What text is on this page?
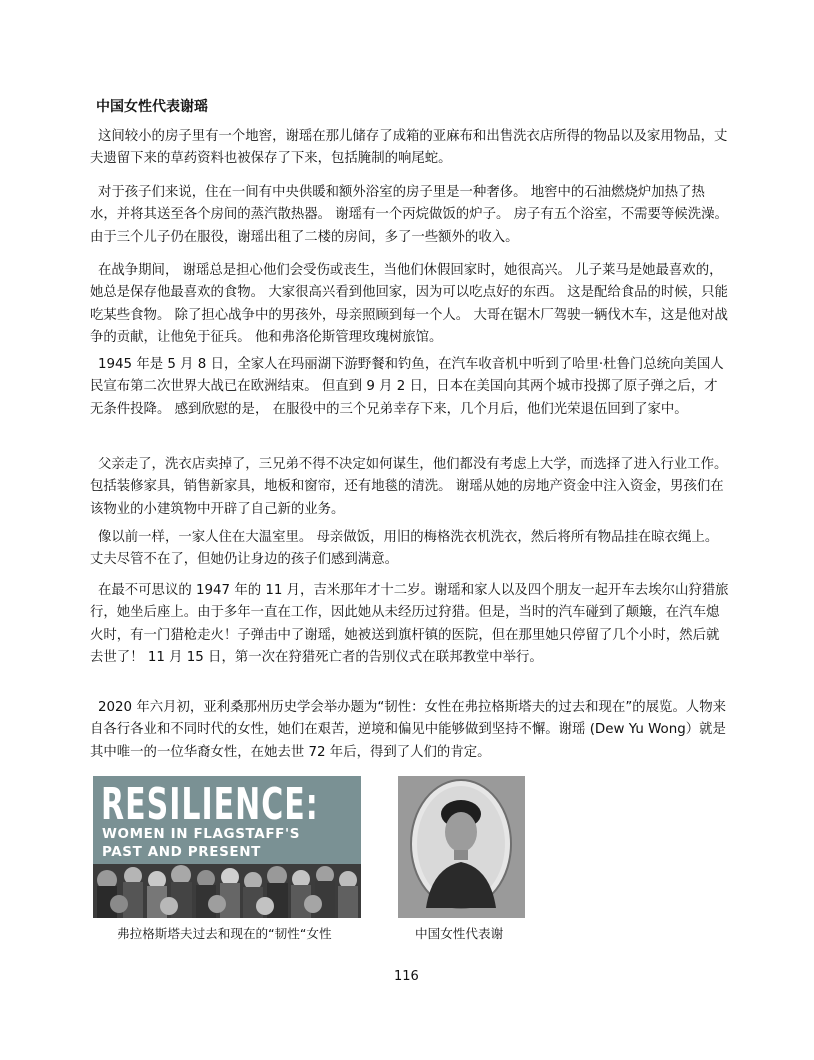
中国女性代表谢瑶

这间较小的房子里有一个地窖，谢瑶在那儿储存了成箱的亚麻布和出售洗衣店所得的物品以及家用物品，丈夫遗留下来的草药资料也被保存了下来，包括腌制的响尾蛇。

对于孩子们来说，住在一间有中央供暖和额外浴室的房子里是一种奢侈。 地窖中的石油燃烧炉加热了热水，并将其送至各个房间的蒸汽散热器。 谢瑶有一个丙烷做饭的炉子。 房子有五个浴室，不需要等候洗澡。 由于三个儿子仍在服役，谢瑶出租了二楼的房间，多了一些额外的收入。

在战争期间， 谢瑶总是担心他们会受伤或丧生，当他们休假回家时，她很高兴。 儿子莱马是她最喜欢的，她总是保存他最喜欢的食物。 大家很高兴看到他回家，因为可以吃点好的东西。 这是配给食品的时候，只能吃某些食物。 除了担心战争中的男孩外，母亲照顾到每一个人。 大哥在锯木厂驾驶一辆伐木车，这是他对战争的贡献，让他免于征兵。 他和弗洛伦斯管理玫瑰树旅馆。

1945 年是 5 月 8 日，全家人在玛丽湖下游野餐和钓鱼，在汽车收音机中听到了哈里·杜鲁门总统向美国人民宣布第二次世界大战已在欧洲结束。 但直到 9 月 2 日，日本在美国向其两个城市投掷了原子弹之后，才无条件投降。 感到欣慰的是， 在服役中的三个兄弟幸存下来，几个月后，他们光荣退伍回到了家中。

父亲走了，洗衣店卖掉了，三兄弟不得不决定如何谋生，他们都没有考虑上大学，而选择了进入行业工作。 包括装修家具，销售新家具，地板和窗帘，还有地毯的清洗。 谢瑶从她的房地产资金中注入资金，男孩们在该物业的小建筑物中开辟了自己新的业务。

像以前一样，一家人住在大温室里。 母亲做饭，用旧的梅格洗衣机洗衣，然后将所有物品挂在晾衣绳上。 丈夫尽管不在了，但她仍让身边的孩子们感到满意。

在最不可思议的 1947 年的 11 月，吉米那年才十二岁。谢瑶和家人以及四个朋友一起开车去埃尔山狩猎旅行，她坐后座上。由于多年一直在工作，因此她从未经历过狩猎。但是，当时的汽车碰到了颠簸，在汽车熄火时，有一门猎枪走火！子弹击中了谢瑶，她被送到旗杆镇的医院，但在那里她只停留了几个小时，然后就去世了！ 11 月 15 日，第一次在狩猎死亡者的告别仪式在联邦教堂中举行。

2020 年六月初，亚利桑那州历史学会举办题为“韧性：女性在弗拉格斯塔夫的过去和现在”的展览。人物来自各行各业和不同时代的女性，她们在艰苦，逆境和偏见中能够做到坚持不懈。谢瑶 (Dew Yu Wong）就是其中唯一的一位华裔女性，在她去世 72 年后，得到了人们的肯定。

RESILIENCE:
WOMEN IN FLAGSTAFF'S
PAST AND PRESENT
弗拉格斯塔夫过去和现在的“韧性“女性	中国女性代表谢
116
